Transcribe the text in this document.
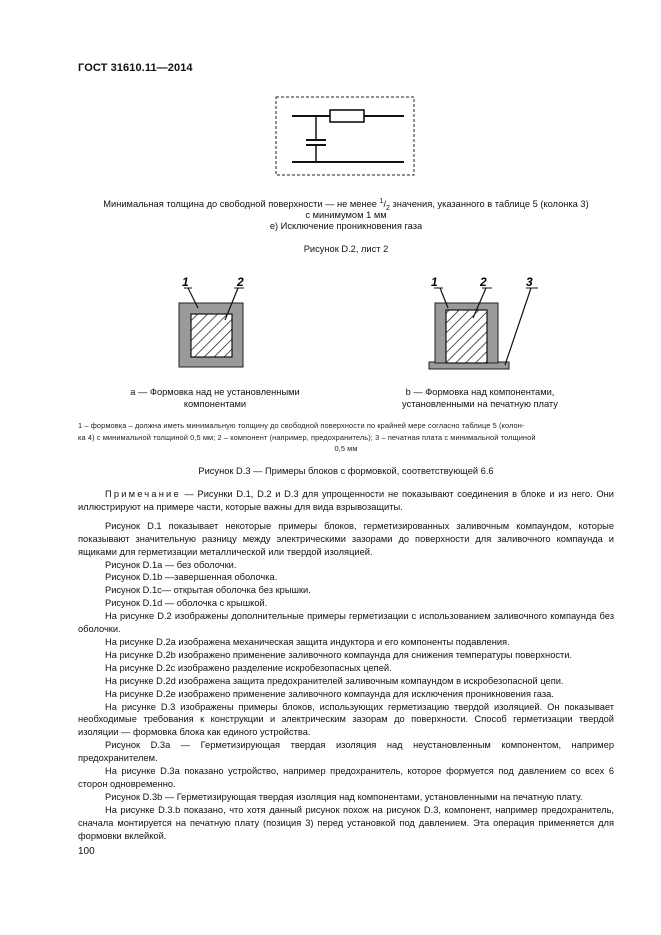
ГОСТ 31610.11—2014
Минимальная толщина до свободной поверхности — не менее $^1/_2$ значения, указанного в таблице 5 (колонка 3)
с минимумом 1 мм
е) Исключение проникновения газа
Рисунок D.2, лист 2
1	2	1	2	3
а — Формовка над не установленными
компонентами
b — Формовка над компонентами,
установленными на печатную плату
1 – формовка – должна иметь минимальную толщину до свободной поверхности по крайней мере согласно таблице 5 (колон-
ка 4) с минимальной толщиной 0,5 мм; 2 – компонент (например, предохранитель); 3 – печатная плата с минимальной толщиной
0,5 мм
Рисунок D.3 — Примеры блоков с формовкой, соответствующей 6.6

Примечание — Рисунки D.1, D.2 и D.3 для упрощенности не показывают соединения в блоке и из него. Они иллюстрируют на примере части, которые важны для вида взрывозащиты.

Рисунок D.1 показывает некоторые примеры блоков, герметизированных заливочным компаундом, которые показывают значительную разницу между электрическими зазорами до поверхности для заливочного компаунда и ящиками для герметизации металлической или твердой изоляцией.

Рисунок D.1a — без оболочки.

Рисунок D.1b —завершенная оболочка.

Рисунок D.1c— открытая оболочка без крышки.

Рисунок D.1d — оболочка с крышкой.

На рисунке D.2 изображены дополнительные примеры герметизации с использованием заливочного компаунда без оболочки.

На рисунке D.2a изображена механическая защита индуктора и его компоненты подавления.

На рисунке D.2b изображено применение заливочного компаунда для снижения температуры поверхности.

На рисунке D.2c изображено разделение искробезопасных цепей.

На рисунке D.2d изображена защита предохранителей заливочным компаундом в искробезопасной цепи.

На рисунке D.2e изображено применение заливочного компаунда для исключения проникновения газа.

На рисунке D.3 изображены примеры блоков, использующих герметизацию твердой изоляцией. Он показывает необходимые требования к конструкции и электрическим зазорам до поверхности. Способ герметизации твердой изоляции — формовка блока как единого устройства.

Рисунок D.3a — Герметизирующая твердая изоляция над неустановленным компонентом, например предохранителем.

На рисунке D.3a показано устройство, например предохранитель, которое формуется под давлением со всех 6 сторон одновременно.

Рисунок D.3b — Герметизирующая твердая изоляция над компонентами, установленными на печатную плату.

На рисунке D.3.b показано, что хотя данный рисунок похож на рисунок D.3, компонент, например предохранитель, сначала монтируется на печатную плату (позиция 3) перед установкой под давлением. Эта операция применяется для формовки вклейкой.

100
